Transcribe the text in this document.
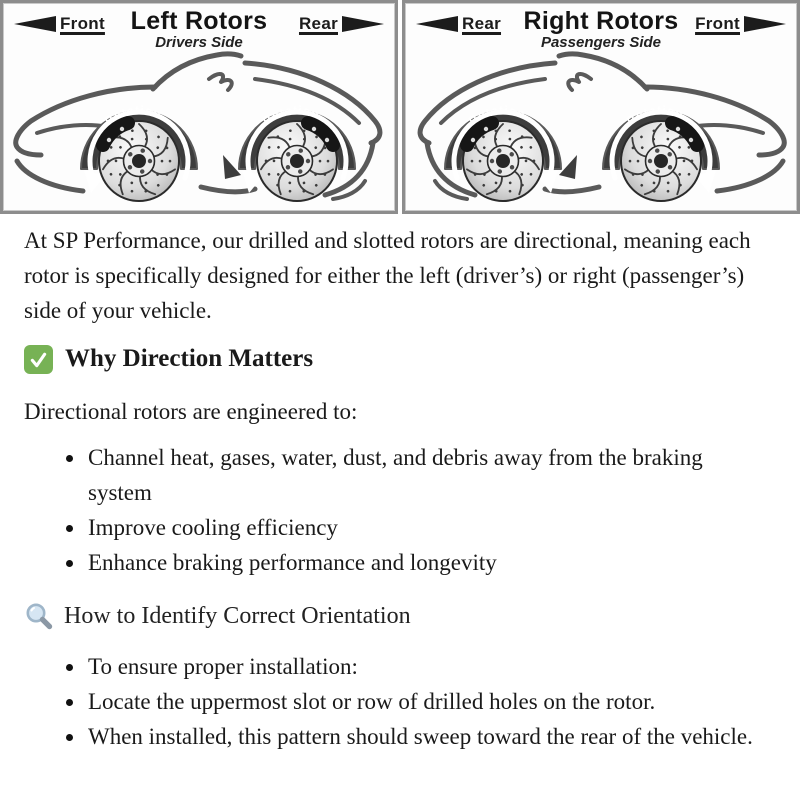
Rotation	Rotation
Front Left Rotors
Drivers Side
Rear
Rotation	Rotation
Rear Right Rotors
Passengers Side
Front

At SP Performance, our drilled and slotted rotors are directional, meaning each rotor is specifically designed for either the left (driver’s) or right (passenger’s) side of your vehicle.

Why Direction Matters

Directional rotors are engineered to:

• Channel heat, gases, water, dust, and debris away from the braking system
• Improve cooling efficiency
• Enhance braking performance and longevity
How to Identify Correct Orientation
• To ensure proper installation:
• Locate the uppermost slot or row of drilled holes on the rotor.
• When installed, this pattern should sweep toward the rear of the vehicle.
